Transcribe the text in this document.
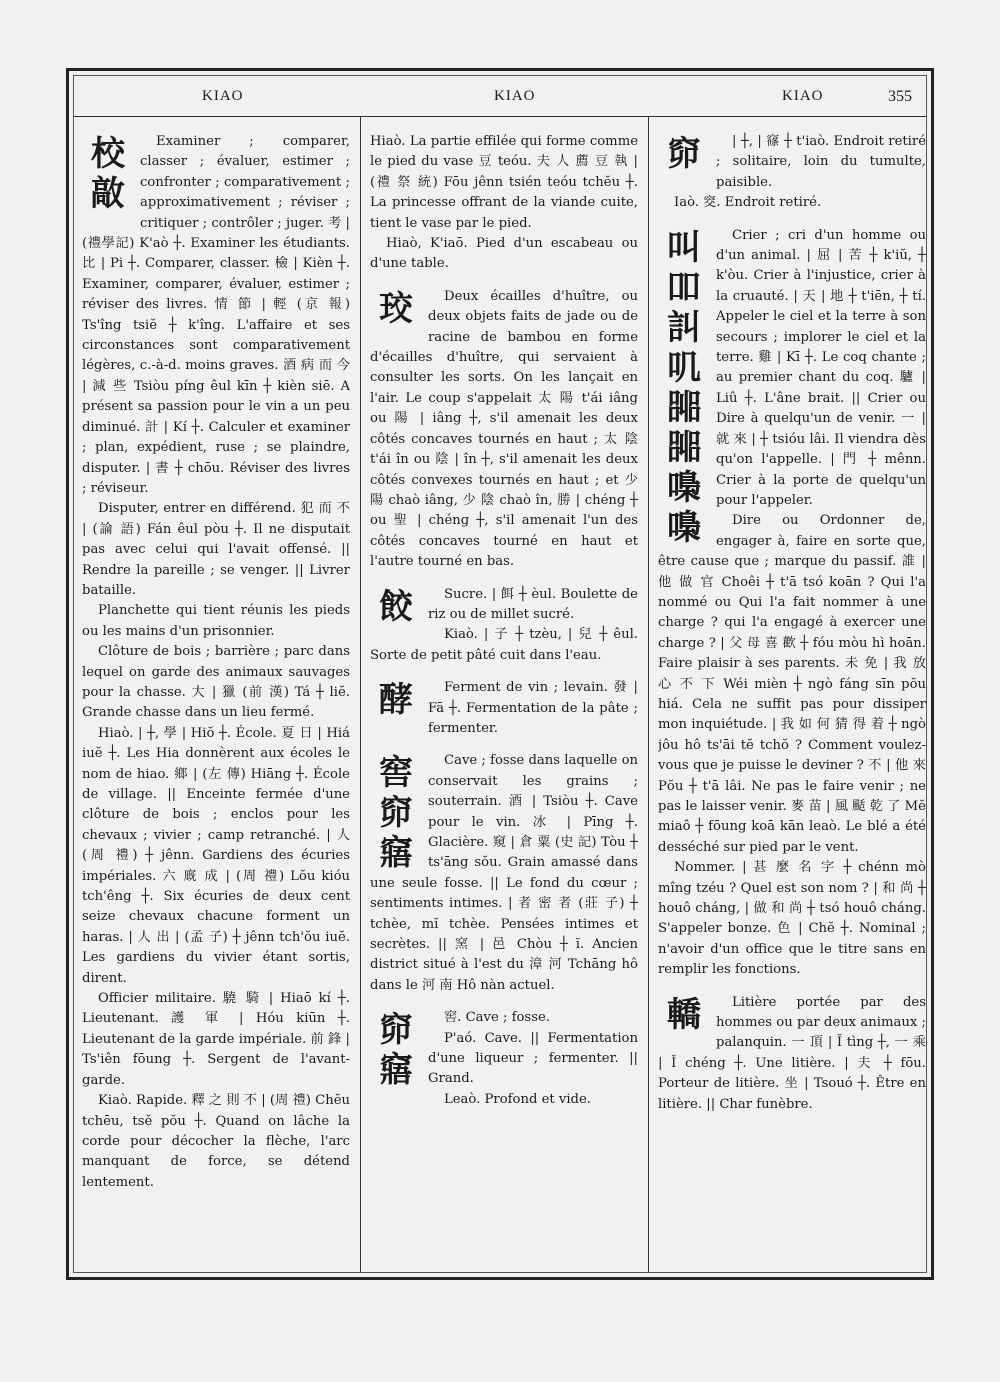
KIAO	KIAO	KIAO	355
校
㪣

Examiner ; comparer, classer ; évaluer, estimer ; confronter ; comparativement ; approximativement ; réviser ; critiquer ; contrôler ; juger. 考 | (禮學記) K'aò ┼. Examiner les étudiants. 比 | Pi ┼. Comparer, classer. 檢 | Kièn ┼. Examiner, comparer, évaluer, estimer ; réviser des livres. 情 節 | 輕 (京 報) Ts'îng tsiĕ ┼ k'îng. L'affaire et ses circonstances sont comparativement légères, c.-à-d. moins graves. 酒 病 而 今 | 減 些 Tsiòu píng êul kīn ┼ kièn siē. A présent sa passion pour le vin a un peu diminué. 計 | Kí ┼. Calculer et examiner ; plan, expédient, ruse ; se plaindre, disputer. | 書 ┼ chōu. Réviser des livres ; réviseur.

Disputer, entrer en différend. 犯 而 不 | (論 語) Fán êul pòu ┼. Il ne disputait pas avec celui qui l'avait offensé. || Rendre la pareille ; se venger. || Livrer bataille.

Planchette qui tient réunis les pieds ou les mains d'un prisonnier.

Clôture de bois ; barrière ; parc dans lequel on garde des animaux sauvages pour la chasse. 大 | 獵 (前 漢) Tá ┼ liĕ. Grande chasse dans un lieu fermé.

Hiaò. | ┼, 學 | Hiŏ ┼. École. 夏 日 | Hiá iuĕ ┼. Les Hia donnèrent aux écoles le nom de hiao. 鄉 | (左 傳) Hiāng ┼. École de village. || Enceinte fermée d'une clôture de bois ; enclos pour les chevaux ; vivier ; camp retranché. | 人 (周 禮) ┼ jênn. Gardiens des écuries impériales. 六 廐 成 | (周 禮) Lŏu kióu tch'êng ┼. Six écuries de deux cent seize chevaux chacune forment un haras. | 人 出 | (孟 子) ┼ jênn tch'ŏu iuĕ. Les gardiens du vivier étant sortis, dirent.

Officier militaire. 驍 騎 | Hiaō kí ┼. Lieutenant. 護 軍 | Hóu kiūn ┼. Lieutenant de la garde impériale. 前 鋒 | Ts'iên fōung ┼. Sergent de l'avant-garde.

Kiaò. Rapide. 釋 之 則 不 | (周 禮) Chĕu tchēu, tsĕ pŏu ┼. Quand on lâche la corde pour décocher la flèche, l'arc manquant de force, se détend lentement.

Hiaò. La partie effilée qui forme comme le pied du vase 豆 teóu. 夫 人 薦 豆 執 | (禮 祭 統) Fōu jênn tsién teóu tchĕu ┼. La princesse offrant de la viande cuite, tient le vase par le pied.

Hiaò, K'iaō. Pied d'un escabeau ou d'une table.

珓	Deux écailles d'huître, ou deux objets faits de jade ou de racine de bambou en forme d'écailles d'huître, qui servaient à consulter les sorts. On les lançait en l'air. Le coup s'appelait 太 陽 t'ái iâng ou 陽 | iâng ┼, s'il amenait les deux côtés concaves tournés en haut ; 太 陰 t'ái în ou 陰 | în ┼, s'il amenait les deux côtés convexes tournés en haut ; et 少 陽 chaò iâng, 少 陰 chaò în, 勝 | chéng ┼ ou 聖 | chéng ┼, s'il amenait l'un des côtés concaves tourné en haut et l'autre tourné en bas.

餃	Sucre. | 餌 ┼ èul. Boulette de riz ou de millet sucré.

Kiaò. | 子 ┼ tzèu, | 兒 ┼ êul. Sorte de petit pâté cuit dans l'eau.

酵	Ferment de vin ; levain. 發 | Fā ┼. Fermentation de la pâte ; fermenter.

窖
窌
窹

Cave ; fosse dans laquelle on conservait les grains ; souterrain. 酒 | Tsiòu ┼. Cave pour le vin. 冰 | Pīng ┼. Glacière. 窺 | 倉 粟 (史 記) Tòu ┼ ts'āng sŏu. Grain amassé dans une seule fosse. || Le fond du cœur ; sentiments intimes. | 者 密 者 (莊 子) ┼ tchèe, mĭ tchèe. Pensées intimes et secrètes. || 窯 | 邑 Chòu ┼ ĭ. Ancien district situé à l'est du 漳 河 Tchāng hô dans le 河 南 Hô nàn actuel.

窌
窹

窖. Cave ; fosse.

P'aó. Cave. || Fermentation d'une liqueur ; fermenter. || Grand.

Leaò. Profond et vide.

窌	| ┼, | 窱 ┼ t'iaò. Endroit retiré ; solitaire, loin du tumulte, paisible.

Iaò. 窔. Endroit retiré.

叫
吅
訆
叽
嘂
嘂
嘄
嘄

Crier ; cri d'un homme ou d'un animal. | 屈 | 苦 ┼ k'iŭ, ┼ k'òu. Crier à l'injustice, crier à la cruauté. | 天 | 地 ┼ t'iēn, ┼ tí. Appeler le ciel et la terre à son secours ; implorer le ciel et la terre. 雞 | Kī ┼. Le coq chante ; au premier chant du coq. 驢 | Liû ┼. L'âne brait. || Crier ou Dire à quelqu'un de venir. 一 | 就 來 | ┼ tsióu lâi. Il viendra dès qu'on l'appelle. | 門 ┼ mênn. Crier à la porte de quelqu'un pour l'appeler.

Dire ou Ordonner de, engager à, faire en sorte que, être cause que ; marque du passif. 誰 | 他 做 官 Choêi ┼ t'ā tsó koān ? Qui l'a nommé ou Qui l'a fait nommer à une charge ? qui l'a engagé à exercer une charge ? | 父 母 喜 歡 ┼ fóu mòu hì hoān. Faire plaisir à ses parents. 未 免 | 我 放 心 不 下 Wéi mièn ┼ ngò fáng sīn pŏu hiá. Cela ne suffit pas pour dissiper mon inquiétude. | 我 如 何 猜 得 着 ┼ ngò jôu hô ts'āi tĕ tchŏ ? Comment voulez-vous que je puisse le deviner ? 不 | 他 來 Pŏu ┼ t'ā lâi. Ne pas le faire venir ; ne pas le laisser venir. 麥 苗 | 風 颳 乾 了 Mĕ miaô ┼ fōung koā kān leaò. Le blé a été desséché sur pied par le vent.

Nommer. | 甚 麼 名 字 ┼ chénn mò mîng tzéu ? Quel est son nom ? | 和 尚 ┼ houô cháng, | 做 和 尚 ┼ tsó houô cháng. S'appeler bonze. 色 | Chĕ ┼. Nominal ; n'avoir d'un office que le titre sans en remplir les fonctions.

轎	Litière portée par des hommes ou par deux animaux ; palanquin. 一 頂 | Ĭ tìng ┼, 一 乘 | Ĭ chéng ┼. Une litière. | 夫 ┼ fōu. Porteur de litière. 坐 | Tsouó ┼. Être en litière. || Char funèbre.
